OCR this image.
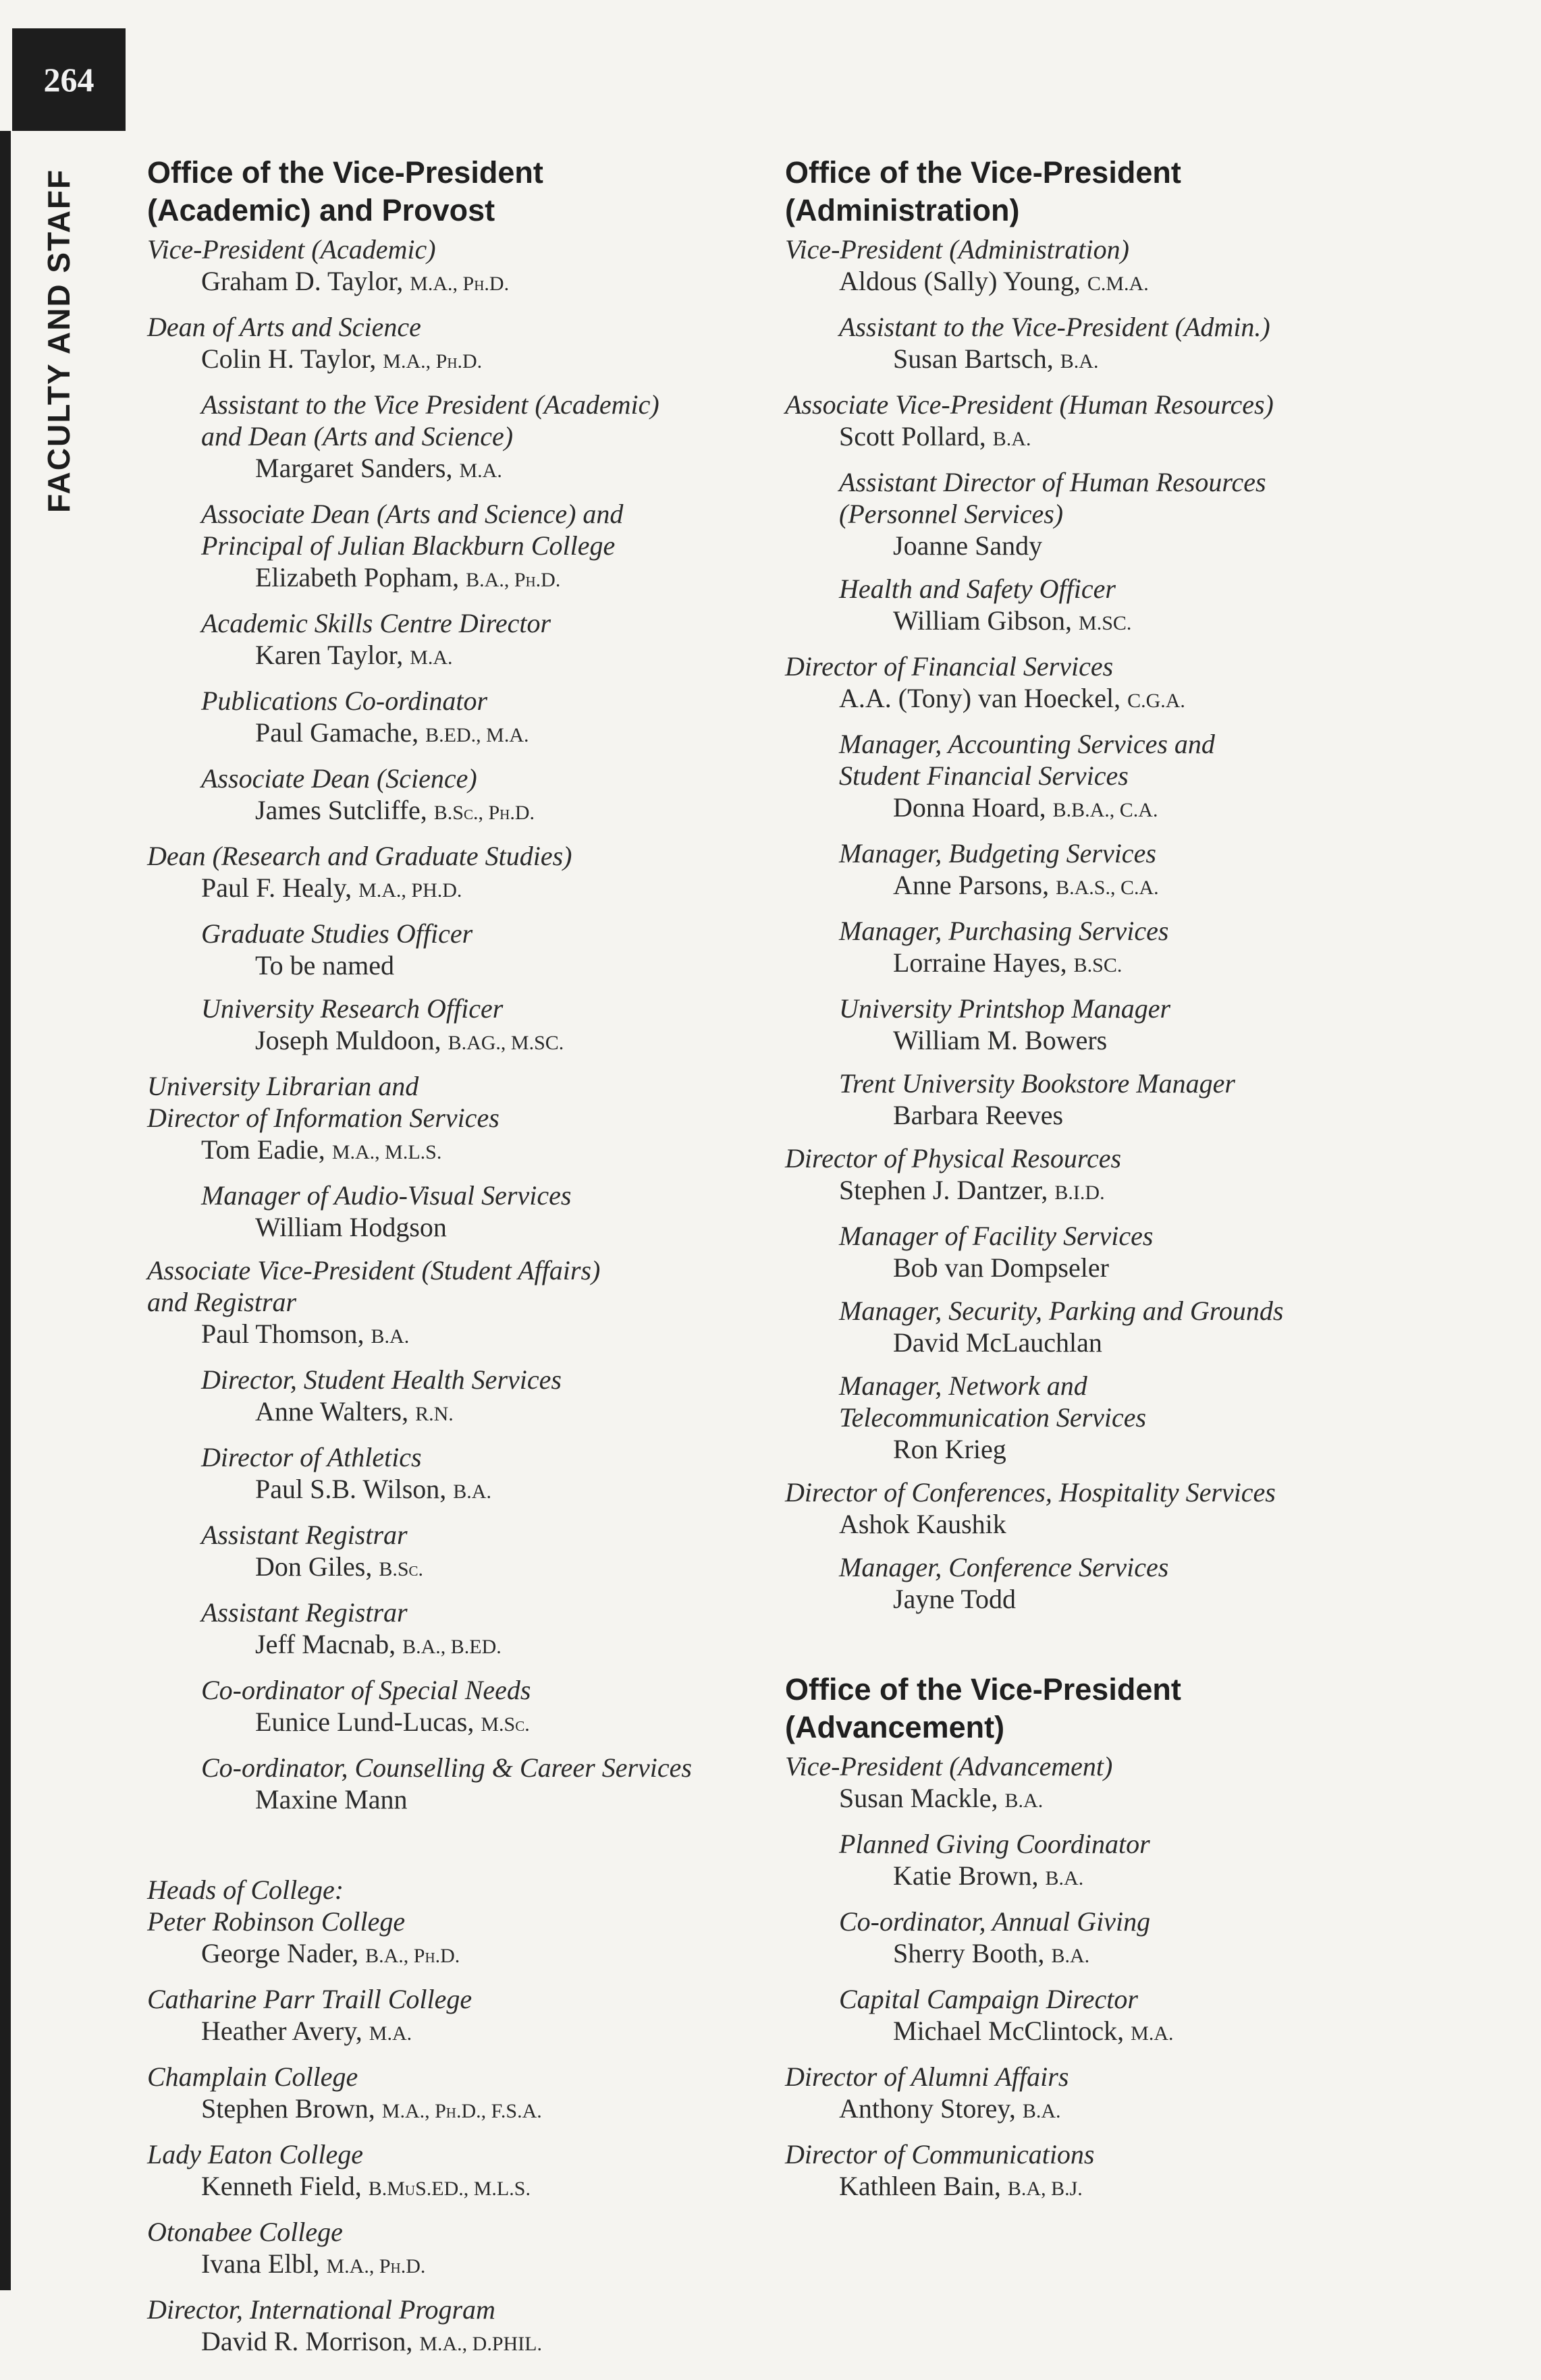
264
FACULTY AND STAFF Office of the Vice-President
(Academic) and Provost
Vice-President (Academic)
Graham D. Taylor, M.A., Ph.D.
Dean of Arts and Science
Colin H. Taylor, M.A., Ph.D.
Assistant to the Vice President (Academic)
and Dean (Arts and Science)
Margaret Sanders, M.A.
Associate Dean (Arts and Science) and
Principal of Julian Blackburn College
Elizabeth Popham, B.A., Ph.D.
Academic Skills Centre Director
Karen Taylor, M.A.
Publications Co-ordinator
Paul Gamache, B.ED., M.A.
Associate Dean (Science)
James Sutcliffe, B.Sc., Ph.D.
Dean (Research and Graduate Studies)
Paul F. Healy, M.A., PH.D.
Graduate Studies Officer
To be named
University Research Officer
Joseph Muldoon, B.AG., M.SC.
University Librarian and
Director of Information Services
Tom Eadie, M.A., M.L.S.
Manager of Audio-Visual Services
William Hodgson
Associate Vice-President (Student Affairs)
and Registrar
Paul Thomson, B.A.
Director, Student Health Services
Anne Walters, R.N.
Director of Athletics
Paul S.B. Wilson, B.A.
Assistant Registrar
Don Giles, B.Sc.
Assistant Registrar
Jeff Macnab, B.A., B.ED.
Co-ordinator of Special Needs
Eunice Lund-Lucas, M.Sc.
Co-ordinator, Counselling & Career Services
Maxine Mann
Heads of College:
Peter Robinson College
George Nader, B.A., Ph.D.
Catharine Parr Traill College
Heather Avery, M.A.
Champlain College
Stephen Brown, M.A., Ph.D., F.S.A.
Lady Eaton College
Kenneth Field, B.MuS.ED., M.L.S.
Otonabee College
Ivana Elbl, M.A., Ph.D.
Director, International Program
David R. Morrison, M.A., D.PHIL.
Office of the Vice-President
(Administration)
Vice-President (Administration)
Aldous (Sally) Young, C.M.A.
Assistant to the Vice-President (Admin.)
Susan Bartsch, B.A.
Associate Vice-President (Human Resources)
Scott Pollard, B.A.
Assistant Director of Human Resources
(Personnel Services)
Joanne Sandy
Health and Safety Officer
William Gibson, M.SC.
Director of Financial Services
A.A. (Tony) van Hoeckel, C.G.A.
Manager, Accounting Services and
Student Financial Services
Donna Hoard, B.B.A., C.A.
Manager, Budgeting Services
Anne Parsons, B.A.S., C.A.
Manager, Purchasing Services
Lorraine Hayes, B.SC.
University Printshop Manager
William M. Bowers
Trent University Bookstore Manager
Barbara Reeves
Director of Physical Resources
Stephen J. Dantzer, B.I.D.
Manager of Facility Services
Bob van Dompseler
Manager, Security, Parking and Grounds
David McLauchlan
Manager, Network and
Telecommunication Services
Ron Krieg
Director of Conferences, Hospitality Services
Ashok Kaushik
Manager, Conference Services
Jayne Todd
Office of the Vice-President
(Advancement)
Vice-President (Advancement)
Susan Mackle, B.A.
Planned Giving Coordinator
Katie Brown, B.A.
Co-ordinator, Annual Giving
Sherry Booth, B.A.
Capital Campaign Director
Michael McClintock, M.A.
Director of Alumni Affairs
Anthony Storey, B.A.
Director of Communications
Kathleen Bain, B.A, B.J.
